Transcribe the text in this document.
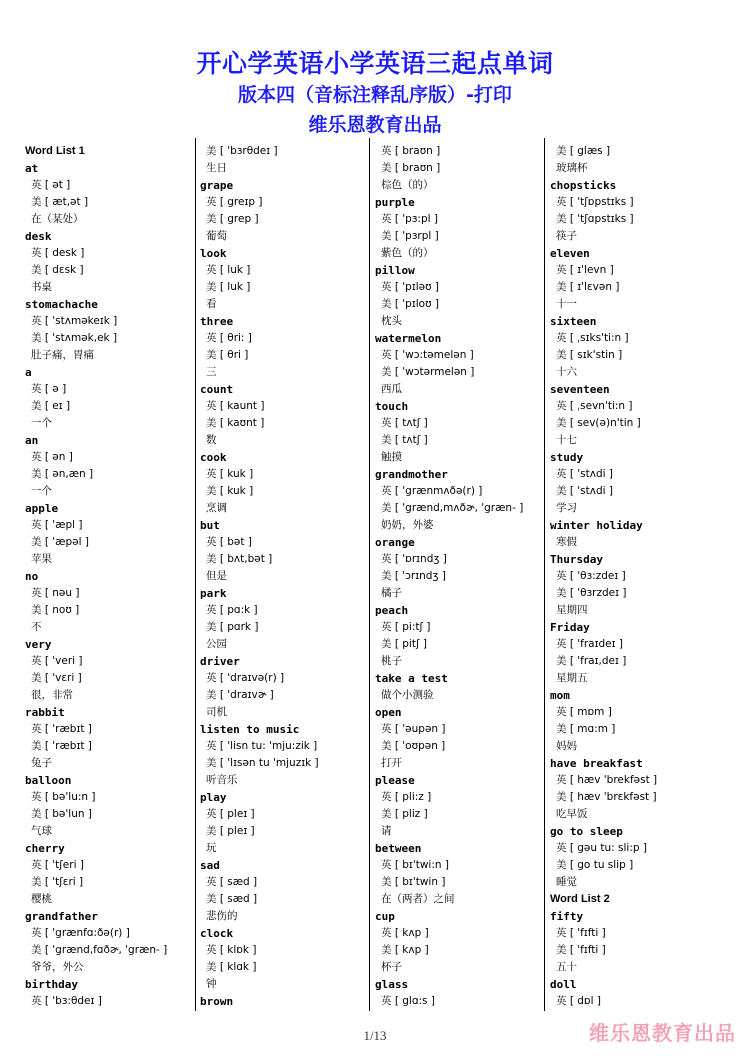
开心学英语小学英语三起点单词
版本四（音标注释乱序版）-打印
维乐恩教育出品
Word List 1
at
英 [ ət ]
美 [ æt,ət ]
在（某处）
desk
英 [ desk ]
美 [ dɛsk ]
书桌
stomachache
英 [ 'stʌməkeɪk ]
美 [ 'stʌmək,ek ]
肚子痛，胃痛
a
英 [ ə ]
美 [ eɪ ]
一个
an
英 [ ən ]
美 [ ən,æn ]
一个
apple
英 [ 'æpl ]
美 [ 'æpəl ]
苹果
no
英 [ nəu ]
美 [ noʊ ]
不
very
英 [ 'veri ]
美 [ 'vɛri ]
很，非常
rabbit
英 [ 'ræbɪt ]
美 [ 'ræbɪt ]
兔子
balloon
英 [ bə'lu:n ]
美 [ bə'lun ]
气球
cherry
英 [ 'tʃeri ]
美 [ 'tʃɛri ]
樱桃
grandfather
英 [ 'grænfɑ:ðə(r) ]
美 [ 'grænd,fɑðɚ, 'græn- ]
爷爷，外公
birthday
英 [ 'bɜ:θdeɪ ]
美 [ 'bɜrθdeɪ ]
生日
grape
英 [ greɪp ]
美 [ grep ]
葡萄
look
英 [ luk ]
美 [ luk ]
看
three
英 [ θri: ]
美 [ θri ]
三
count
英 [ kaunt ]
美 [ kaʊnt ]
数
cook
英 [ kuk ]
美 [ kuk ]
烹调
but
英 [ bət ]
美 [ bʌt,bət ]
但是
park
英 [ pɑ:k ]
美 [ pɑrk ]
公园
driver
英 [ 'draɪvə(r) ]
美 [ 'draɪvɚ ]
司机
listen to music
英 [ 'lisn tu: 'mju:zik ]
美 [ 'lɪsən tu 'mjuzɪk ]
听音乐
play
英 [ pleɪ ]
美 [ pleɪ ]
玩
sad
英 [ sæd ]
美 [ sæd ]
悲伤的
clock
英 [ klɒk ]
美 [ klɑk ]
钟
brown
英 [ braʊn ]
美 [ braʊn ]
棕色（的）
purple
英 [ 'pɜ:pl ]
美 [ 'pɜrpl ]
紫色（的）
pillow
英 [ 'pɪləʊ ]
美 [ 'pɪloʊ ]
枕头
watermelon
英 [ 'wɔ:təmelən ]
美 [ 'wɔtərmelən ]
西瓜
touch
英 [ tʌtʃ ]
美 [ tʌtʃ ]
触摸
grandmother
英 [ 'grænmʌðə(r) ]
美 [ 'grænd,mʌðɚ, 'græn- ]
奶奶，外婆
orange
英 [ 'ɒrɪndʒ ]
美 [ 'ɔrɪndʒ ]
橘子
peach
英 [ pi:tʃ ]
美 [ pitʃ ]
桃子
take a test
做个小测验
open
英 [ 'əupən ]
美 [ 'oʊpən ]
打开
please
英 [ pli:z ]
美 [ pliz ]
请
between
英 [ bɪ'twi:n ]
美 [ bɪ'twin ]
在（两者）之间
cup
英 [ kʌp ]
美 [ kʌp ]
杯子
glass
英 [ glɑ:s ]
美 [ glæs ]
玻璃杯
chopsticks
英 [ 'tʃɒpstɪks ]
美 [ 'tʃɑpstɪks ]
筷子
eleven
英 [ ɪ'levn ]
美 [ ɪ'lɛvən ]
十一
sixteen
英 [ ˌsɪks'ti:n ]
美 [ sɪk'stin ]
十六
seventeen
英 [ ˌsevn'ti:n ]
美 [ sev(ə)n'tin ]
十七
study
英 [ 'stʌdi ]
美 [ 'stʌdi ]
学习
winter holiday
寒假
Thursday
英 [ 'θɜ:zdeɪ ]
美 [ 'θɜrzdeɪ ]
星期四
Friday
英 [ 'fraɪdeɪ ]
美 [ 'fraɪ,deɪ ]
星期五
mom
英 [ mɒm ]
美 [ mɑ:m ]
妈妈
have breakfast
英 [ hæv 'brekfəst ]
美 [ hæv 'brɛkfəst ]
吃早饭
go to sleep
英 [ gəu tu: sli:p ]
美 [ go tu slip ]
睡觉
Word List 2
fifty
英 [ 'fɪfti ]
美 [ 'fɪfti ]
五十
doll
英 [ dɒl ]
1/13	维乐恩教育出品
